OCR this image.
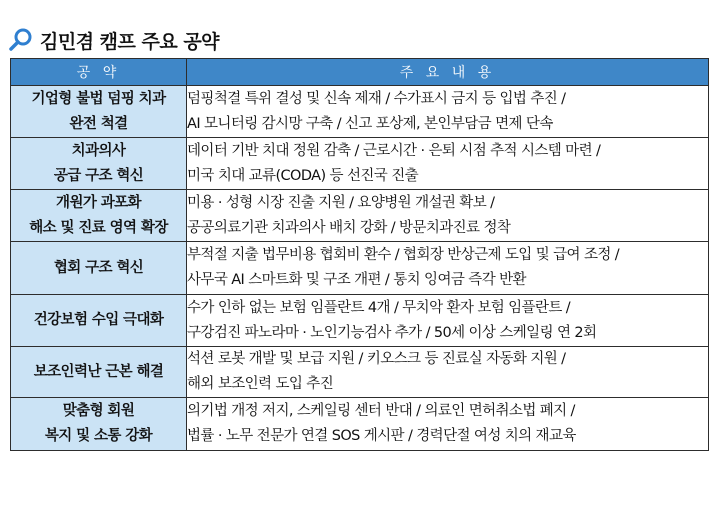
김민겸 캠프 주요 공약
공 약	주 요 내 용

기업형 불법 덤핑 치과
완전 척결	덤핑척결 특위 결성 및 신속 제재 / 수가표시 금지 등 입법 추진 /
AI 모니터링 감시망 구축 / 신고 포상제, 본인부담금 면제 단속

치과의사
공급 구조 혁신	데이터 기반 치대 정원 감축 / 근로시간 · 은퇴 시점 추적 시스템 마련 /
미국 치대 교류(CODA) 등 선진국 진출

개원가 과포화
해소 및 진료 영역 확장	미용 · 성형 시장 진출 지원 / 요양병원 개설권 확보 /
공공의료기관 치과의사 배치 강화 / 방문치과진료 정착

협회 구조 혁신	부적절 지출 법무비용 협회비 환수 / 협회장 반상근제 도입 및 급여 조정 /
사무국 AI 스마트화 및 구조 개편 / 통치 잉여금 즉각 반환

건강보험 수입 극대화	수가 인하 없는 보험 임플란트 4개 / 무치악 환자 보험 임플란트 /
구강검진 파노라마 · 노인기능검사 추가 / 50세 이상 스케일링 연 2회

보조인력난 근본 해결	석션 로봇 개발 및 보급 지원 / 키오스크 등 진료실 자동화 지원 /
해외 보조인력 도입 추진

맞춤형 회원
복지 및 소통 강화	의기법 개정 저지, 스케일링 센터 반대 / 의료인 면허취소법 폐지 /
법률 · 노무 전문가 연결 SOS 게시판 / 경력단절 여성 치의 재교육
